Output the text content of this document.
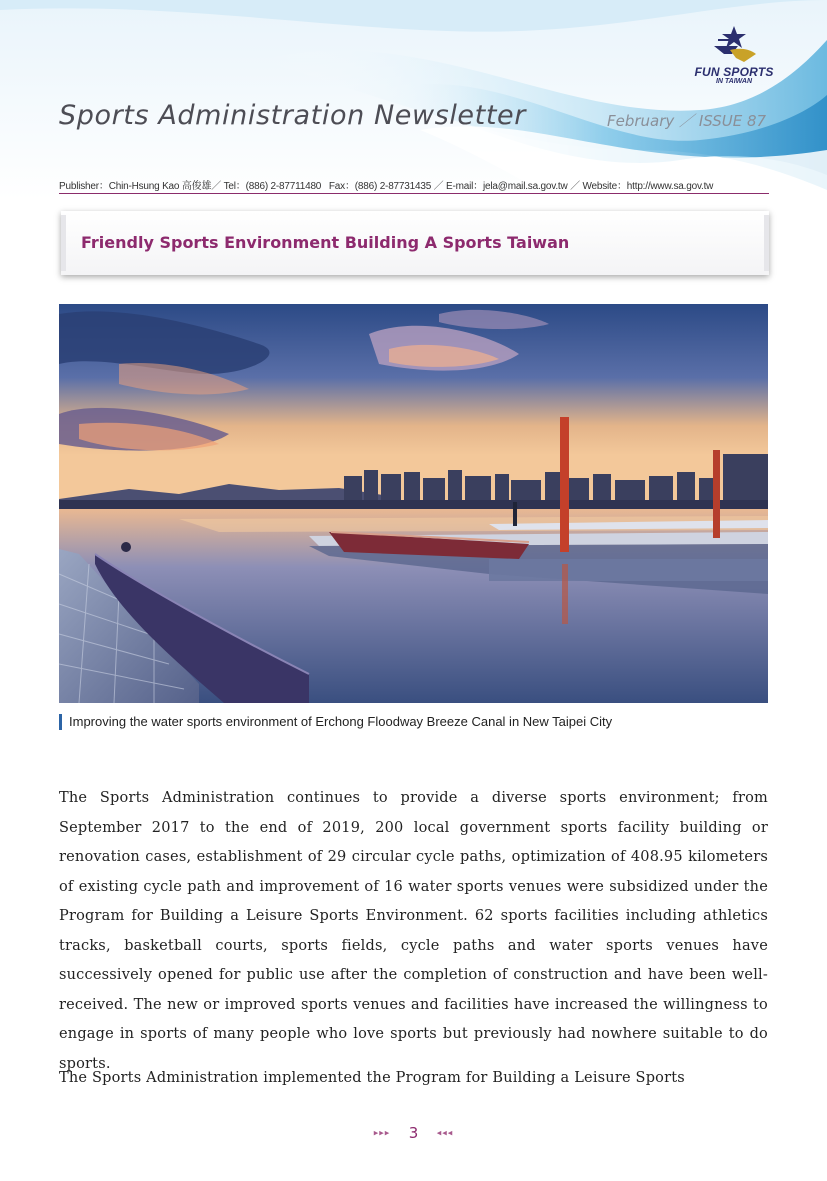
FUN SPORTS
IN TAIWAN
Sports Administration Newsletter	February ／ ISSUE 87
Publisher：Chin-Hsung Kao 高俊雄／ Tel：(886) 2-87711480   Fax：(886) 2-87731435 ／ E-mail：jela@mail.sa.gov.tw ／ Website：http://www.sa.gov.tw
Friendly Sports Environment Building A Sports Taiwan
Improving the water sports environment of Erchong Floodway Breeze Canal in New Taipei City

The Sports Administration continues to provide a diverse sports environment; from September 2017 to the end of 2019, 200 local government sports facility building or renovation cases, establishment of 29 circular cycle paths, optimization of 408.95 kilometers of existing cycle path and improvement of 16 water sports venues were subsidized under the Program for Building a Leisure Sports Environment. 62 sports facilities including athletics tracks, basketball courts, sports fields, cycle paths and water sports venues have successively opened for public use after the completion of construction and have been well-received. The new or improved sports venues and facilities have increased the willingness to engage in sports of many people who love sports but previously had nowhere suitable to do sports.

The Sports Administration implemented the Program for Building a Leisure Sports

▸▸▸ 3 ◂◂◂
